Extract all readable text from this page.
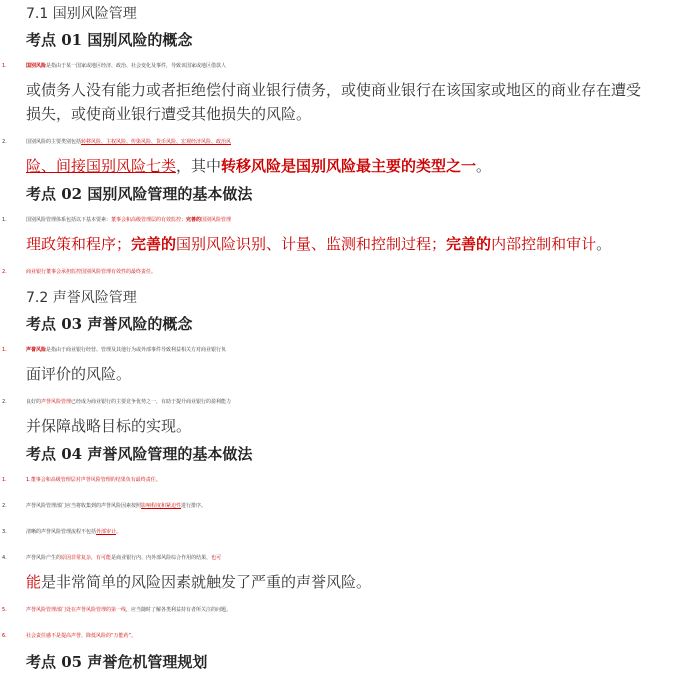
7.1 国别风险管理
考点 01 国别风险的概念
1.	国别风险是指由于某一国家或地区经济、政治、社会变化及事件，导致该国家或地区借款人
或债务人没有能力或者拒绝偿付商业银行债务，或使商业银行在该国家或地区的商业存在遭受
损失，或使商业银行遭受其他损失的风险。
2.	国别风险的主要类别包括转移风险、主权风险、传染风险、货币风险、宏观经济风险、政治风
险、间接国别风险七类，其中转移风险是国别风险最主要的类型之一。
考点 02 国别风险管理的基本做法
1.	国别风险管理体系包括以下基本要素：董事会和高级管理层的有效监控；完善的国别风险管理
理政策和程序；完善的国别风险识别、计量、监测和控制过程；完善的内部控制和审计。
2.	商业银行董事会承担监控国别风险管理有效性的最终责任。
7.2 声誉风险管理
考点 03 声誉风险的概念
1.	声誉风险是指由于商业银行经营、管理及其他行为或外部事件导致利益相关方对商业银行负
面评价的风险。
2.	良好的声誉风险管理已经成为商业银行的主要竞争优势之一，有助于提升商业银行的盈利能力
并保障战略目标的实现。
考点 04 声誉风险管理的基本做法
1.	1.董事会和高级管理层对声誉风险管理的结果负有最终责任。
2.	声誉风险管理部门应当将收集到的声誉风险因素按照影响程度和紧迫性进行排序。
3.	清晰的声誉风险管理流程不包括外部审计。
4.	声誉风险产生的原因非常复杂，有可能是商业银行内、内外部风险综合作用的结果，也可
能是非常简单的风险因素就触发了严重的声誉风险。
5.	声誉风险管理部门处在声誉风险管理的第一线，应当随时了解各类利益持有者所关注的问题。
6.	社会责任感不是提高声誉、降低风险的“万能药”。
考点 05 声誉危机管理规划
